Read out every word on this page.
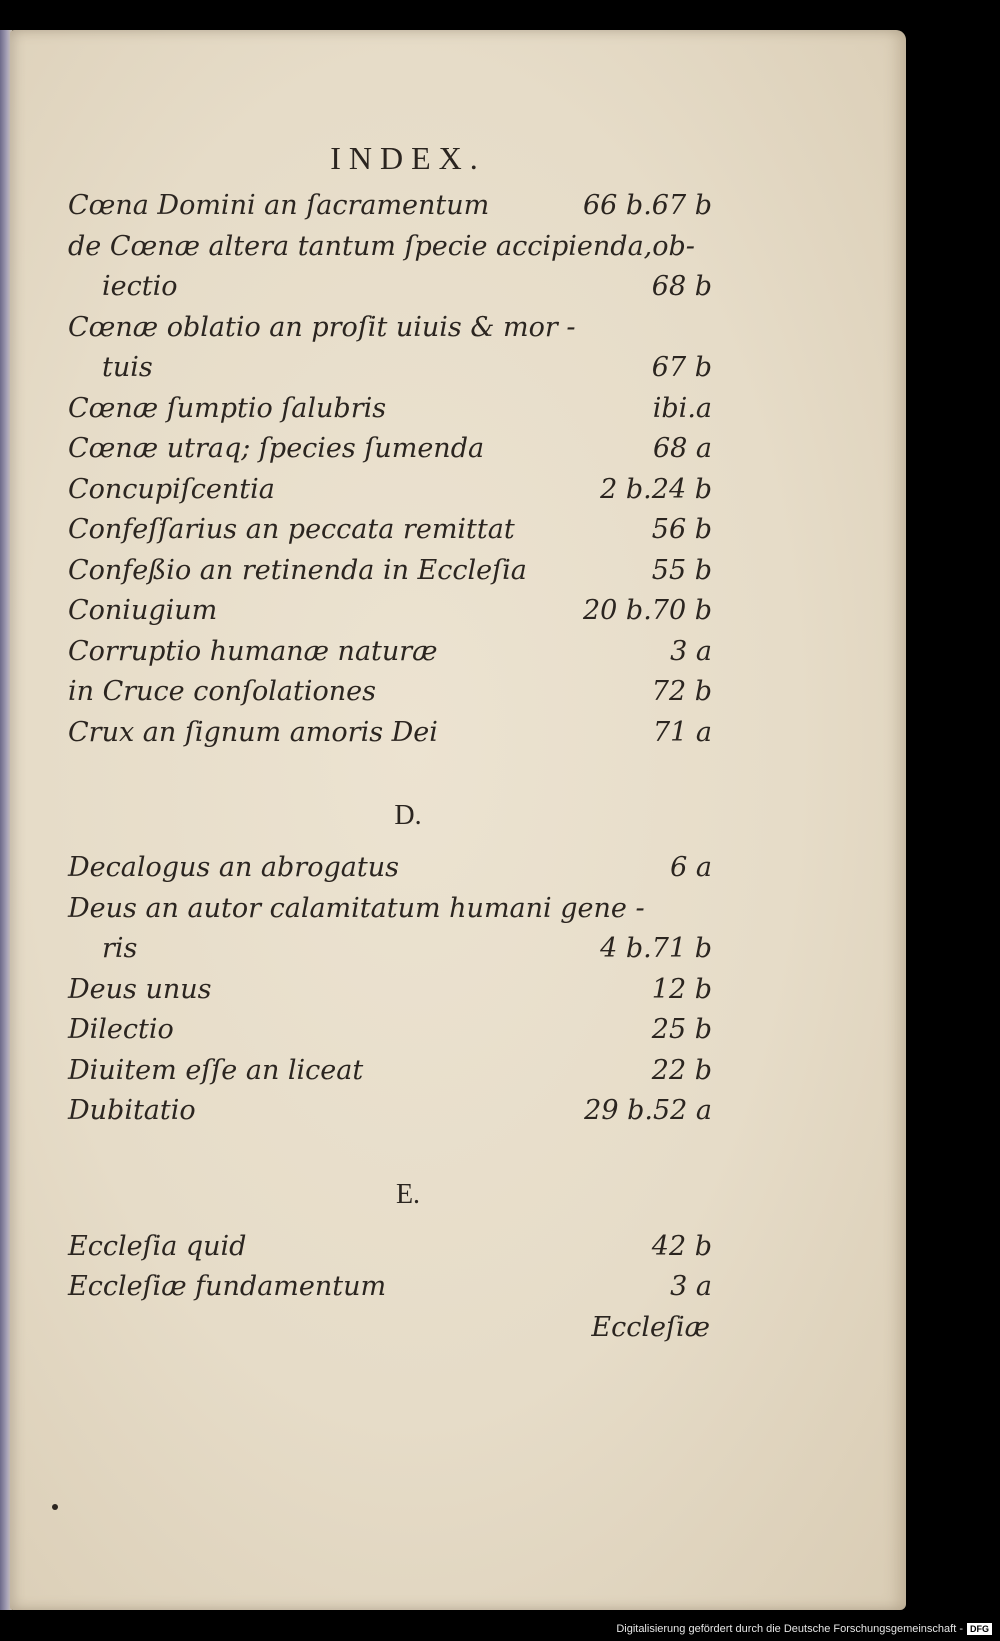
INDEX.
Cœna Domini an ſacramentum	66 b.67 b
de Cœnæ altera tantum ſpecie accipienda,ob-
iectio	68 b
Cœnæ oblatio an proſit uiuis & mor -
tuis	67 b
Cœnæ ſumptio ſalubris	ibi.a
Cœnæ utraq; ſpecies ſumenda	68 a
Concupiſcentia	2 b.24 b
Confeſſarius an peccata remittat	56 b
Confeßio an retinenda in Eccleſia	55 b
Coniugium	20 b.70 b
Corruptio humanæ naturæ	3 a
in Cruce conſolationes	72 b
Crux an ſignum amoris Dei	71 a
D.
Decalogus an abrogatus	6 a
Deus an autor calamitatum humani gene -
ris	4 b.71 b
Deus unus	12 b
Dilectio	25 b
Diuitem eſſe an liceat	22 b
Dubitatio	29 b.52 a
E.
Eccleſia quid	42 b
Eccleſiæ fundamentum	3 a
Eccleſiæ
Digitalisierung gefördert durch die Deutsche Forschungsgemeinschaft - DFG
